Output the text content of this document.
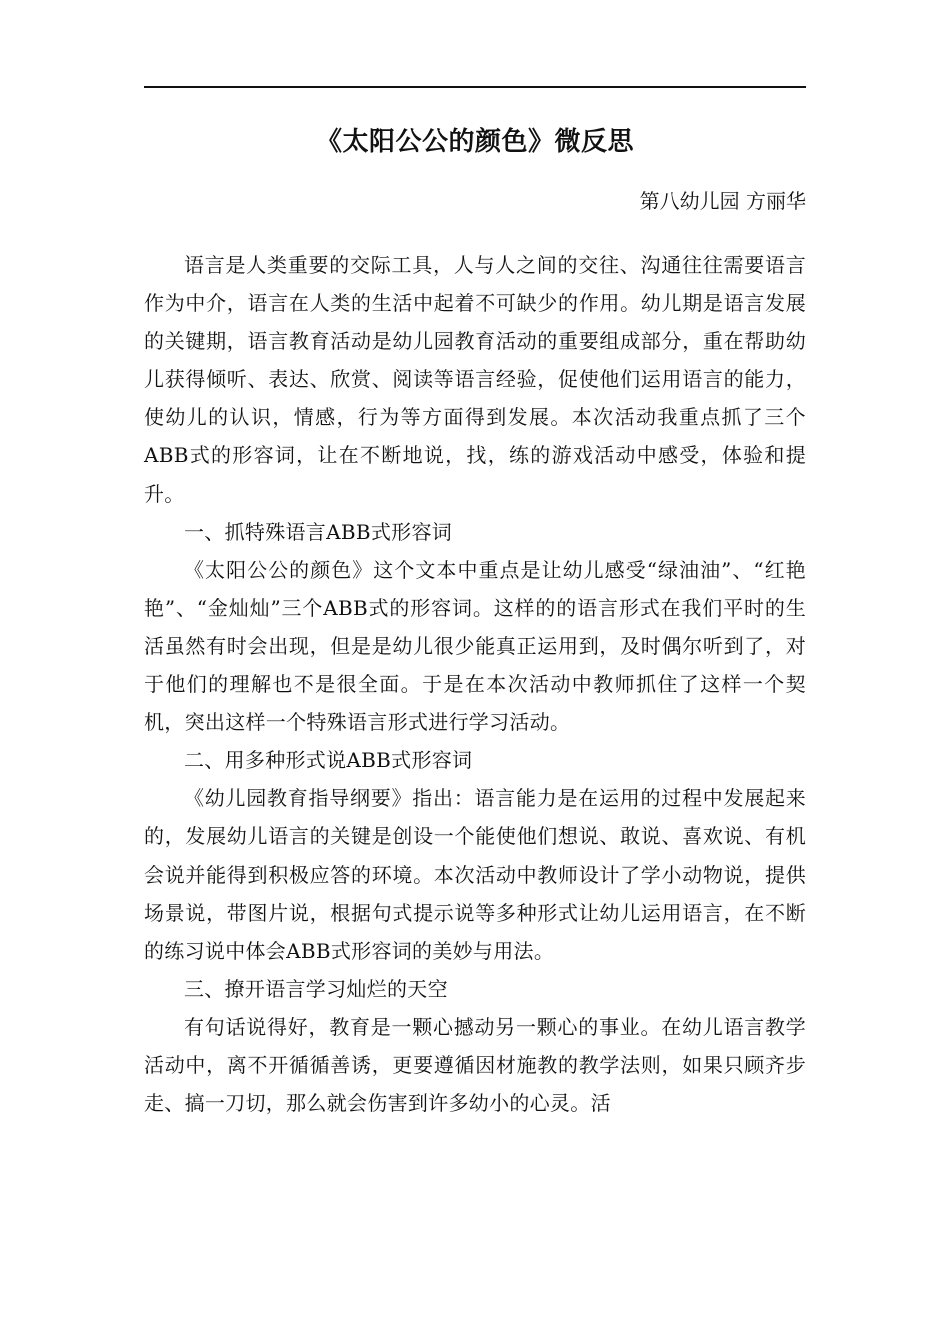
《太阳公公的颜色》微反思
第八幼儿园 方丽华

语言是人类重要的交际工具，人与人之间的交往、沟通往往需要语言作为中介，语言在人类的生活中起着不可缺少的作用。幼儿期是语言发展的关键期，语言教育活动是幼儿园教育活动的重要组成部分，重在帮助幼儿获得倾听、表达、欣赏、阅读等语言经验，促使他们运用语言的能力，使幼儿的认识，情感，行为等方面得到发展。本次活动我重点抓了三个ABB式的形容词，让在不断地说，找，练的游戏活动中感受，体验和提升。

一、抓特殊语言ABB式形容词

《太阳公公的颜色》这个文本中重点是让幼儿感受“绿油油”、“红艳艳”、“金灿灿”三个ABB式的形容词。这样的的语言形式在我们平时的生活虽然有时会出现，但是是幼儿很少能真正运用到，及时偶尔听到了，对于他们的理解也不是很全面。于是在本次活动中教师抓住了这样一个契机，突出这样一个特殊语言形式进行学习活动。

二、用多种形式说ABB式形容词

《幼儿园教育指导纲要》指出：语言能力是在运用的过程中发展起来的，发展幼儿语言的关键是创设一个能使他们想说、敢说、喜欢说、有机会说并能得到积极应答的环境。本次活动中教师设计了学小动物说，提供场景说，带图片说，根据句式提示说等多种形式让幼儿运用语言，在不断的练习说中体会ABB式形容词的美妙与用法。

三、撩开语言学习灿烂的天空

有句话说得好，教育是一颗心撼动另一颗心的事业。在幼儿语言教学活动中，离不开循循善诱，更要遵循因材施教的教学法则，如果只顾齐步走、搞一刀切，那么就会伤害到许多幼小的心灵。活
